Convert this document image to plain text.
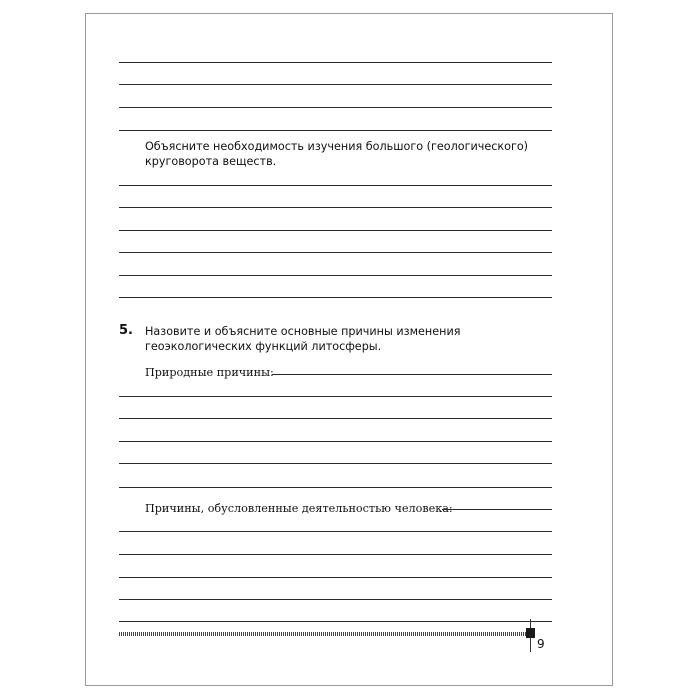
Объясните необходимость изучения большого (геологического) круговорота веществ.
5. Назовите и объясните основные причины изменения геоэкологических функций литосферы.
Природные причины:
Причины, обусловленные деятельностью человека:
9
